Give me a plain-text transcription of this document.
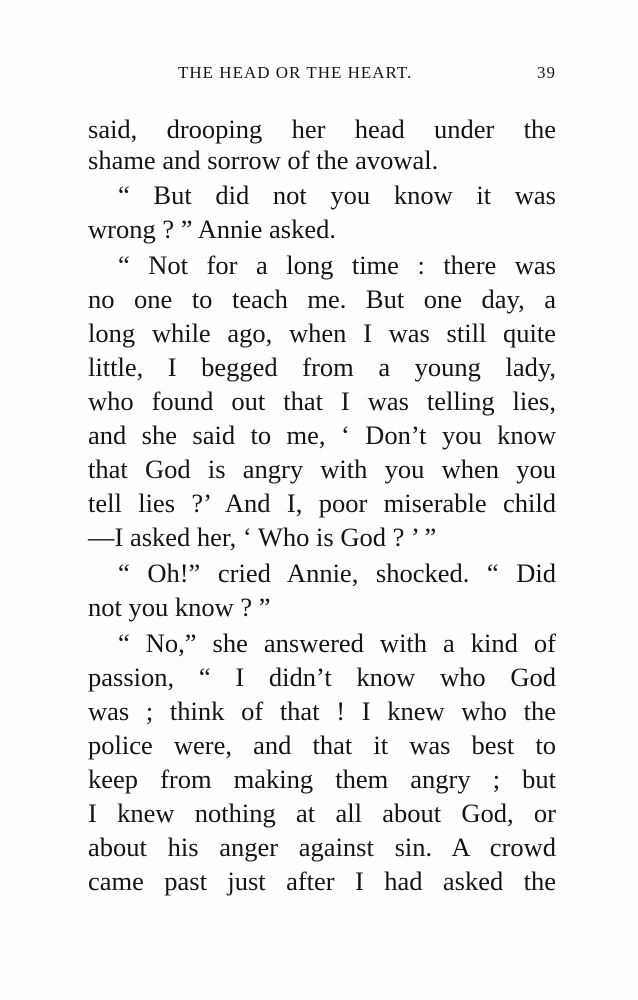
THE HEAD OR THE HEART.	39
said, drooping her head under the
shame and sorrow of the avowal.
“ But did not you know it was
wrong ? ” Annie asked.
“ Not for a long time : there was
no one to teach me. But one day, a
long while ago, when I was still quite
little, I begged from a young lady,
who found out that I was telling lies,
and she said to me, ‘ Don’t you know
that God is angry with you when you
tell lies ?’ And I, poor miserable child
—I asked her, ‘ Who is God ? ’ ”
“ Oh!” cried Annie, shocked. “ Did
not you know ? ”
“ No,” she answered with a kind of
passion, “ I didn’t know who God
was ; think of that ! I knew who the
police were, and that it was best to
keep from making them angry ; but
I knew nothing at all about God, or
about his anger against sin. A crowd
came past just after I had asked the
